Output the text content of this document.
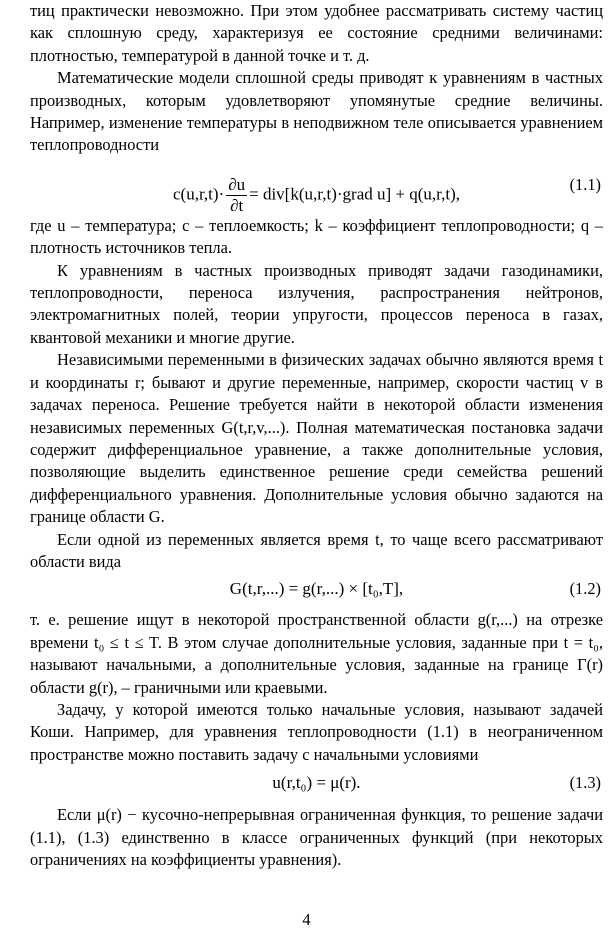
тиц практически невозможно. При этом удобнее рассматривать систему частиц как сплошную среду, характеризуя ее состояние средними величинами: плотностью, температурой в данной точке и т. д.

Математические модели сплошной среды приводят к уравнениям в частных производных, которым удовлетворяют упомянутые средние величины. Например, изменение температуры в неподвижном теле описывается уравнением теплопроводности

$c(u,r,t)\cdot \frac{\partial u}{\partial t}$ = div[k(u,r,t)·grad u] + q(u,r,t),	(1.1)

где u – температура; c – теплоемкость; k – коэффициент теплопроводности; q – плотность источников тепла.

К уравнениям в частных производных приводят задачи газодинамики, теплопроводности, переноса излучения, распространения нейтронов, электромагнитных полей, теории упругости, процессов переноса в газах, квантовой механики и многие другие.

Независимыми переменными в физических задачах обычно являются время t и координаты r; бывают и другие переменные, например, скорости частиц v в задачах переноса. Решение требуется найти в некоторой области изменения независимых переменных G(t,r,v,...). Полная математическая постановка задачи содержит дифференциальное уравнение, а также дополнительные условия, позволяющие выделить единственное решение среди семейства решений дифференциального уравнения. Дополнительные условия обычно задаются на границе области G.

Если одной из переменных является время t, то чаще всего рассматривают области вида

G(t,r,...) = g(r,...) × [t₀,T],	(1.2)

т. е. решение ищут в некоторой пространственной области g(r,...) на отрезке времени t₀ ≤ t ≤ T. В этом случае дополнительные условия, заданные при t = t₀, называют начальными, а дополнительные условия, заданные на границе Γ(r) области g(r), – граничными или краевыми.

Задачу, у которой имеются только начальные условия, называют задачей Коши. Например, для уравнения теплопроводности (1.1) в неограниченном пространстве можно поставить задачу с начальными условиями

u(r,t₀) = μ(r).	(1.3)

Если μ(r) − кусочно-непрерывная ограниченная функция, то решение задачи (1.1), (1.3) единственно в классе ограниченных функций (при некоторых ограничениях на коэффициенты уравнения).

4
